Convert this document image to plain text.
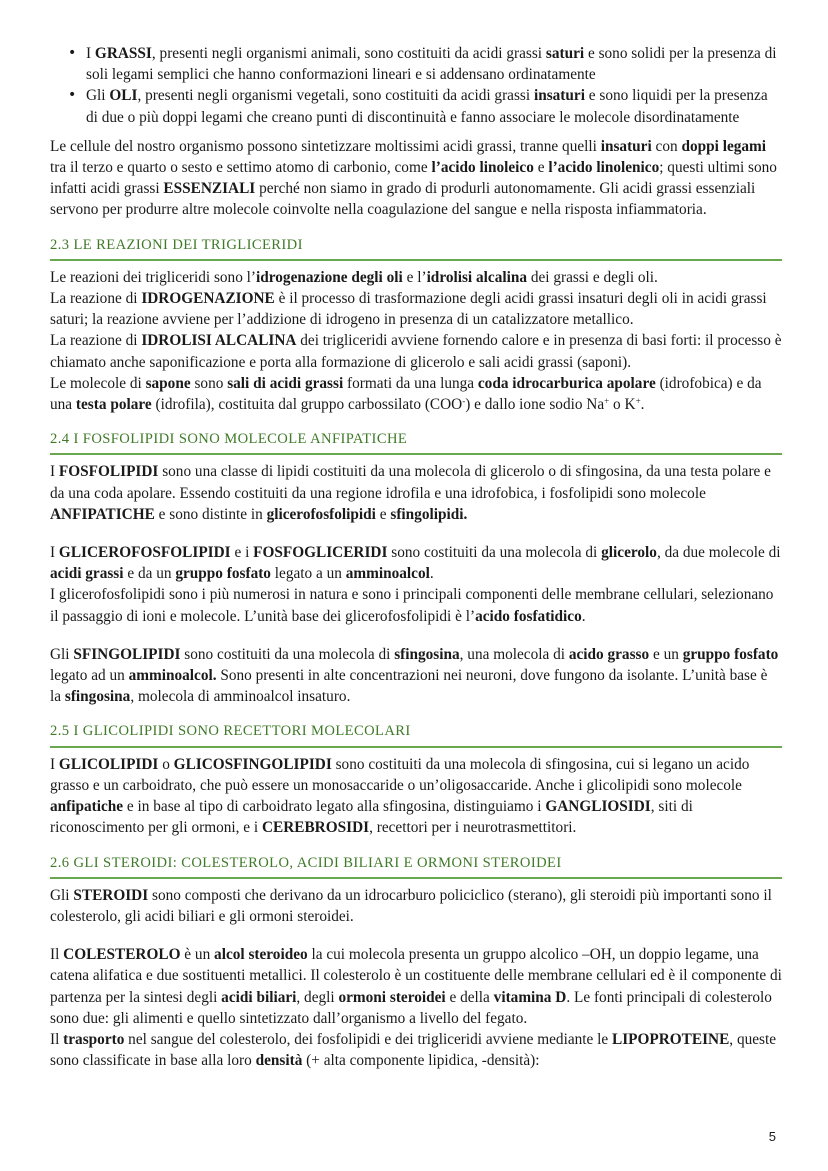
• I GRASSI, presenti negli organismi animali, sono costituiti da acidi grassi saturi e sono solidi per la presenza di soli legami semplici che hanno conformazioni lineari e si addensano ordinatamente
• Gli OLI, presenti negli organismi vegetali, sono costituiti da acidi grassi insaturi e sono liquidi per la presenza di due o più doppi legami che creano punti di discontinuità e fanno associare le molecole disordinatamente

Le cellule del nostro organismo possono sintetizzare moltissimi acidi grassi, tranne quelli insaturi con doppi legami tra il terzo e quarto o sesto e settimo atomo di carbonio, come l’acido linoleico e l’acido linolenico; questi ultimi sono infatti acidi grassi ESSENZIALI perché non siamo in grado di produrli autonomamente. Gli acidi grassi essenziali servono per produrre altre molecole coinvolte nella coagulazione del sangue e nella risposta infiammatoria.

2.3 LE REAZIONI DEI TRIGLICERIDI

Le reazioni dei trigliceridi sono l’idrogenazione degli oli e l’idrolisi alcalina dei grassi e degli oli.

La reazione di IDROGENAZIONE è il processo di trasformazione degli acidi grassi insaturi degli oli in acidi grassi saturi; la reazione avviene per l’addizione di idrogeno in presenza di un catalizzatore metallico.

La reazione di IDROLISI ALCALINA dei trigliceridi avviene fornendo calore e in presenza di basi forti: il processo è chiamato anche saponificazione e porta alla formazione di glicerolo e sali acidi grassi (saponi).

Le molecole di sapone sono sali di acidi grassi formati da una lunga coda idrocarburica apolare (idrofobica) e da una testa polare (idrofila), costituita dal gruppo carbossilato (COO-) e dallo ione sodio Na+ o K+.

2.4 I FOSFOLIPIDI SONO MOLECOLE ANFIPATICHE

I FOSFOLIPIDI sono una classe di lipidi costituiti da una molecola di glicerolo o di sfingosina, da una testa polare e da una coda apolare. Essendo costituiti da una regione idrofila e una idrofobica, i fosfolipidi sono molecole ANFIPATICHE e sono distinte in glicerofosfolipidi e sfingolipidi.

I GLICEROFOSFOLIPIDI e i FOSFOGLICERIDI sono costituiti da una molecola di glicerolo, da due molecole di acidi grassi e da un gruppo fosfato legato a un amminoalcol.

I glicerofosfolipidi sono i più numerosi in natura e sono i principali componenti delle membrane cellulari, selezionano il passaggio di ioni e molecole. L’unità base dei glicerofosfolipidi è l’acido fosfatidico.

Gli SFINGOLIPIDI sono costituiti da una molecola di sfingosina, una molecola di acido grasso e un gruppo fosfato legato ad un amminoalcol. Sono presenti in alte concentrazioni nei neuroni, dove fungono da isolante. L’unità base è la sfingosina, molecola di amminoalcol insaturo.

2.5 I GLICOLIPIDI SONO RECETTORI MOLECOLARI

I GLICOLIPIDI o GLICOSFINGOLIPIDI sono costituiti da una molecola di sfingosina, cui si legano un acido grasso e un carboidrato, che può essere un monosaccaride o un’oligosaccaride. Anche i glicolipidi sono molecole anfipatiche e in base al tipo di carboidrato legato alla sfingosina, distinguiamo i GANGLIOSIDI, siti di riconoscimento per gli ormoni, e i CEREBROSIDI, recettori per i neurotrasmettitori.

2.6 GLI STEROIDI: COLESTEROLO, ACIDI BILIARI E ORMONI STEROIDEI

Gli STEROIDI sono composti che derivano da un idrocarburo policiclico (sterano), gli steroidi più importanti sono il colesterolo, gli acidi biliari e gli ormoni steroidei.

Il COLESTEROLO è un alcol steroideo la cui molecola presenta un gruppo alcolico –OH, un doppio legame, una catena alifatica e due sostituenti metallici. Il colesterolo è un costituente delle membrane cellulari ed è il componente di partenza per la sintesi degli acidi biliari, degli ormoni steroidei e della vitamina D. Le fonti principali di colesterolo sono due: gli alimenti e quello sintetizzato dall’organismo a livello del fegato.

Il trasporto nel sangue del colesterolo, dei fosfolipidi e dei trigliceridi avviene mediante le LIPOPROTEINE, queste sono classificate in base alla loro densità (+ alta componente lipidica, -densità):

5
